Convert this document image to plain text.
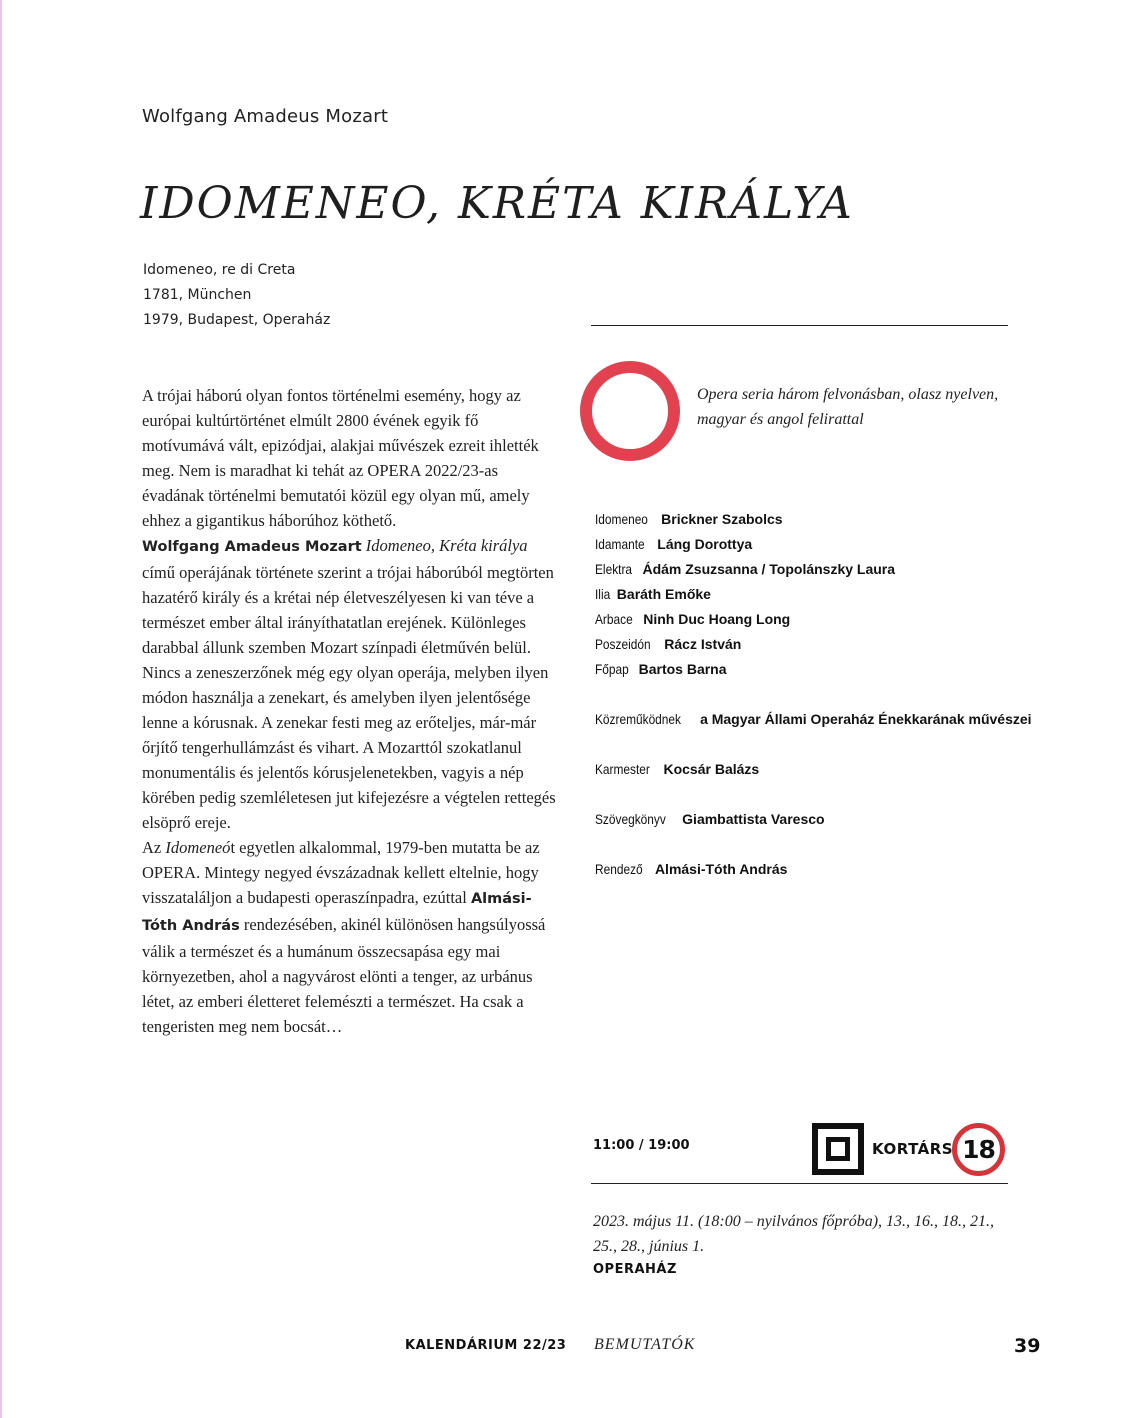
Wolfgang Amadeus Mozart
IDOMENEO, KRÉTA KIRÁLYA
Idomeneo, re di Creta
1781, München
1979, Budapest, Operaház

A trójai háború olyan fontos történelmi esemény, hogy az európai kultúrtörténet elmúlt 2800 évének egyik fő motívumává vált, epizódjai, alakjai művészek ezreit ihlették meg. Nem is maradhat ki tehát az OPERA 2022/23-as évadának történelmi bemutatói közül egy olyan mű, amely ehhez a gigantikus háborúhoz köthető.

Wolfgang Amadeus Mozart Idomeneo, Kréta királya című operájának története szerint a trójai háborúból megtörten hazatérő király és a krétai nép életveszélyesen ki van téve a természet ember által irányíthatatlan erejének. Különleges darabbal állunk szemben Mozart színpadi életművén belül. Nincs a zeneszerzőnek még egy olyan operája, melyben ilyen módon használja a zenekart, és amelyben ilyen jelentősége lenne a kórusnak. A zenekar festi meg az erőteljes, már-már őrjítő tengerhullámzást és vihart. A Mozarttól szokatlanul monumentális és jelentős kórusjelenetekben, vagyis a nép körében pedig szemléletesen jut kifejezésre a végtelen rettegés elsöprő ereje.

Az Idomeneót egyetlen alkalommal, 1979-ben mutatta be az OPERA. Mintegy negyed évszázadnak kellett eltelnie, hogy visszataláljon a budapesti operaszínpadra, ezúttal Almási-Tóth András rendezésében, akinél különösen hangsúlyossá válik a természet és a humánum összecsapása egy mai környezetben, ahol a nagyvárost elönti a tenger, az urbánus létet, az emberi életteret felemészti a természet. Ha csak a tengeristen meg nem bocsát…

Opera seria három felvonásban, olasz nyelven, magyar és angol felirattal
Idomeneo Brickner Szabolcs
Idamante Láng Dorottya
Elektra Ádám Zsuzsanna / Topolánszky Laura
Ilia Baráth Emőke
Arbace Ninh Duc Hoang Long
Poszeidón Rácz István
Főpap Bartos Barna
Közreműködnek a Magyar Állami Operaház Énekkarának művészei
Karmester Kocsár Balázs
Szövegkönyv Giambattista Varesco
Rendező Almási-Tóth András
11:00 / 19:00	KORTÁRS 18
2023. május 11. (18:00 – nyilvános főpróba), 13., 16., 18., 21., 25., 28., június 1.
OPERAHÁZ
KALENDÁRIUM 22/23 BEMUTATÓK	39
